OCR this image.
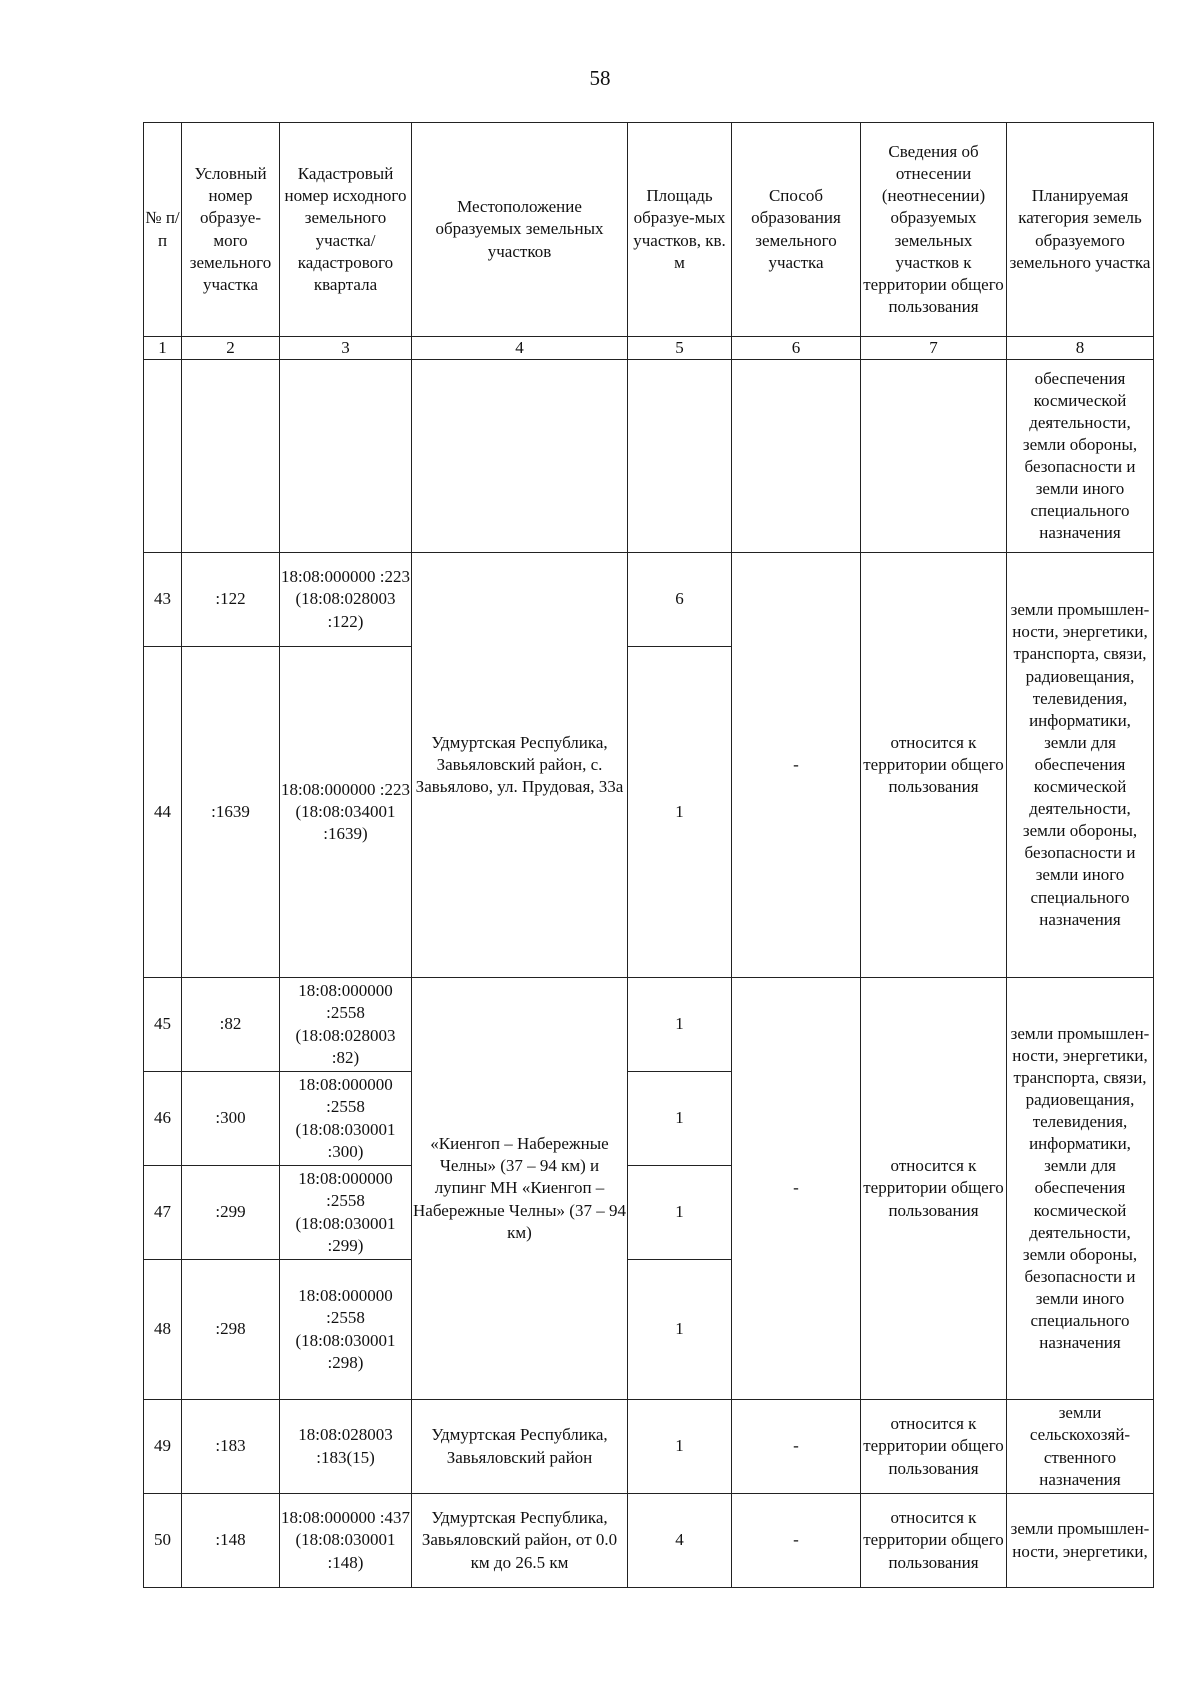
58
№ п/п	Условный номер образуе-мого земельного участка	Кадастровый номер исходного земельного участка/ кадастрового квартала	Местоположение образуемых земельных участков	Площадь образуе-мых участков, кв. м	Способ образования земельного участка	Сведения об отнесении (неотнесении) образуемых земельных участков к территории общего пользования	Планируемая категория земель образуемого земельного участка
1	2	3	4	5	6	7	8
							обеспечения космической деятельности, земли обороны, безопасности и земли иного специального назначения
43	:122	18:08:000000 :223 (18:08:028003 :122)	Удмуртская Республика, Завьяловский район, с. Завьялово, ул. Прудовая, 33а	6	-	относится к территории общего пользования	земли промышлен-ности, энергетики, транспорта, связи, радиовещания, телевидения, информатики, земли для обеспечения космической деятельности, земли обороны, безопасности и земли иного специального назначения
44	:1639	18:08:000000 :223 (18:08:034001 :1639)		1			
45	:82	18:08:000000 :2558 (18:08:028003 :82)	«Киенгоп – Набережные Челны» (37 – 94 км) и лупинг МН «Киенгоп – Набережные Челны» (37 – 94 км)	1	-	относится к территории общего пользования	земли промышлен-ности, энергетики, транспорта, связи, радиовещания, телевидения, информатики, земли для обеспечения космической деятельности, земли обороны, безопасности и земли иного специального назначения
46	:300	18:08:000000 :2558 (18:08:030001 :300)		1			
47	:299	18:08:000000 :2558 (18:08:030001 :299)		1			
48	:298	18:08:000000 :2558 (18:08:030001 :298)		1			
49	:183	18:08:028003 :183(15)	Удмуртская Республика, Завьяловский район	1	-	относится к территории общего пользования	земли сельскохозяй-ственного назначения
50	:148	18:08:000000 :437 (18:08:030001 :148)	Удмуртская Республика, Завьяловский район, от 0.0 км до 26.5 км	4	-	относится к территории общего пользования	земли промышлен-ности, энергетики,
